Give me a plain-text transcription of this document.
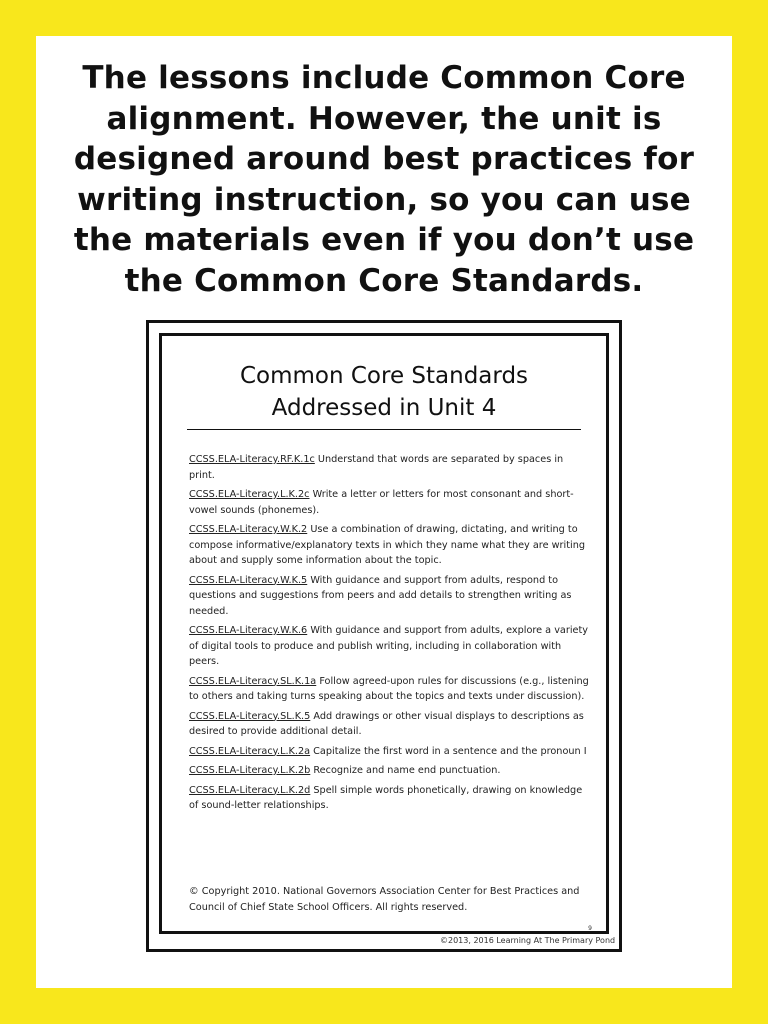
The lessons include Common Core
alignment. However, the unit is
designed around best practices for
writing instruction, so you can use
the materials even if you don’t use
the Common Core Standards.
Common Core Standards
Addressed in Unit 4
CCSS.ELA-Literacy.RF.K.1c Understand that words are separated by spaces in print.
CCSS.ELA-Literacy.L.K.2c Write a letter or letters for most consonant and short-vowel sounds (phonemes).
CCSS.ELA-Literacy.W.K.2 Use a combination of drawing, dictating, and writing to compose informative/explanatory texts in which they name what they are writing about and supply some information about the topic.
CCSS.ELA-Literacy.W.K.5 With guidance and support from adults, respond to questions and suggestions from peers and add details to strengthen writing as needed.
CCSS.ELA-Literacy.W.K.6 With guidance and support from adults, explore a variety of digital tools to produce and publish writing, including in collaboration with peers.
CCSS.ELA-Literacy.SL.K.1a Follow agreed-upon rules for discussions (e.g., listening to others and taking turns speaking about the topics and texts under discussion).
CCSS.ELA-Literacy.SL.K.5 Add drawings or other visual displays to descriptions as desired to provide additional detail.
CCSS.ELA-Literacy.L.K.2a Capitalize the first word in a sentence and the pronoun I
CCSS.ELA-Literacy.L.K.2b Recognize and name end punctuation.
CCSS.ELA-Literacy.L.K.2d Spell simple words phonetically, drawing on knowledge of sound-letter relationships.
© Copyright 2010. National Governors Association Center for Best Practices and Council of Chief State School Officers. All rights reserved.
9
©2013, 2016 Learning At The Primary Pond
